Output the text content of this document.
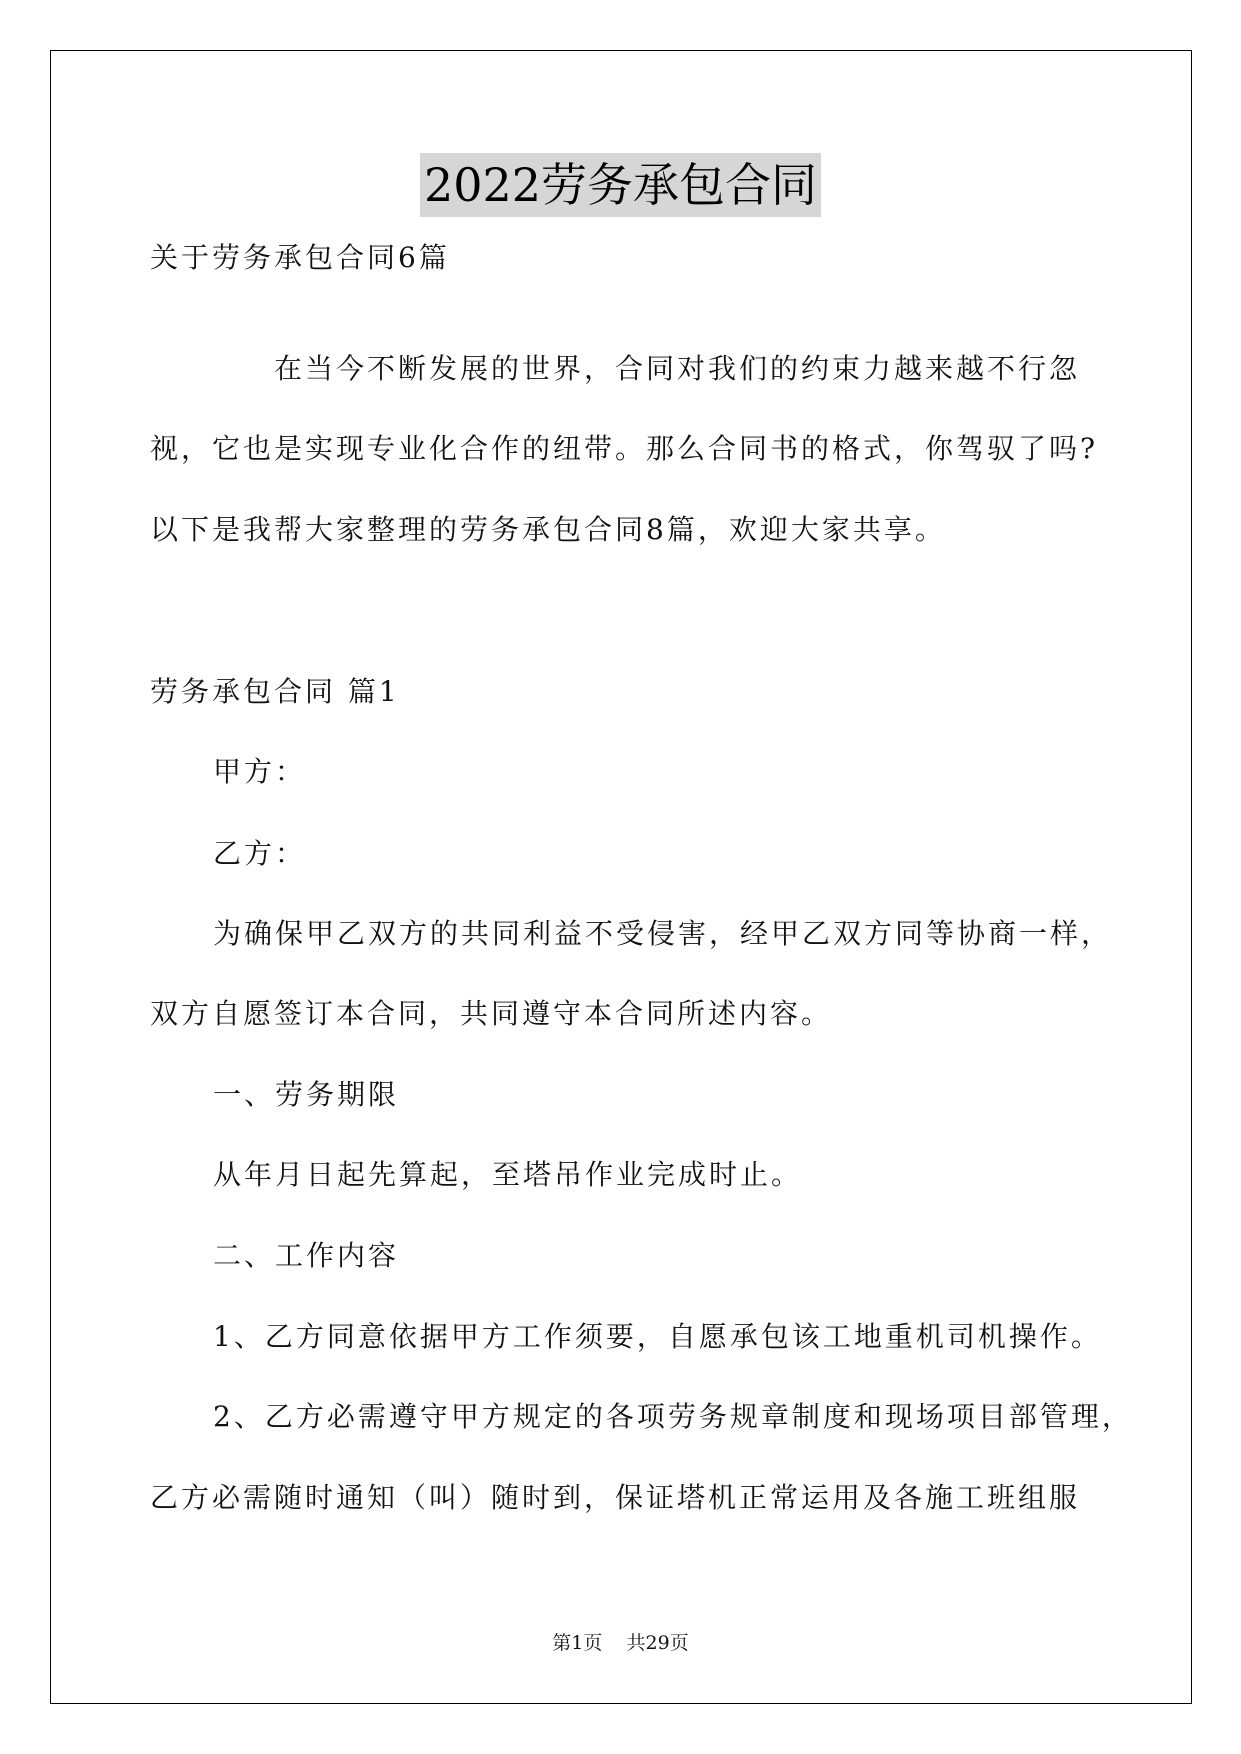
2022劳务承包合同
关于劳务承包合同6篇
在当今不断发展的世界，合同对我们的约束力越来越不行忽
视，它也是实现专业化合作的纽带。那么合同书的格式，你驾驭了吗?
以下是我帮大家整理的劳务承包合同8篇，欢迎大家共享。
劳务承包合同 篇1
甲方：
乙方：
为确保甲乙双方的共同利益不受侵害，经甲乙双方同等协商一样，
双方自愿签订本合同，共同遵守本合同所述内容。
一、劳务期限
从年月日起先算起，至塔吊作业完成时止。
二、工作内容
1、乙方同意依据甲方工作须要，自愿承包该工地重机司机操作。
2、乙方必需遵守甲方规定的各项劳务规章制度和现场项目部管理，
乙方必需随时通知（叫）随时到，保证塔机正常运用及各施工班组服
第1页    共29页
